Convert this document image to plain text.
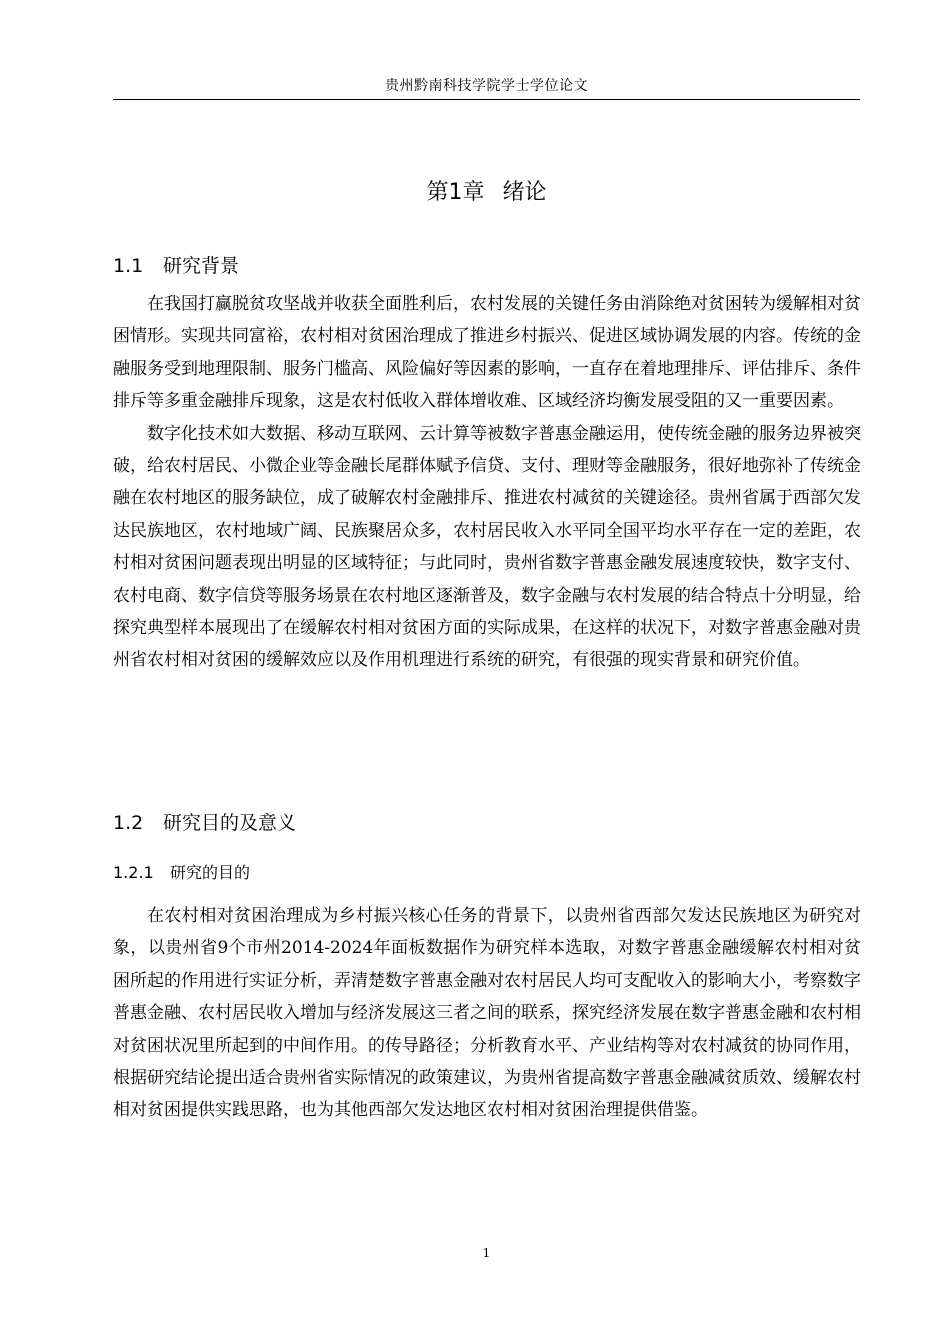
贵州黔南科技学院学士学位论文
第1章 绪论
1.1 研究背景

在我国打赢脱贫攻坚战并收获全面胜利后，农村发展的关键任务由消除绝对贫困转为缓解相对贫困情形。实现共同富裕，农村相对贫困治理成了推进乡村振兴、促进区域协调发展的内容。传统的金融服务受到地理限制、服务门槛高、风险偏好等因素的影响，一直存在着地理排斥、评估排斥、条件排斥等多重金融排斥现象，这是农村低收入群体增收难、区域经济均衡发展受阻的又一重要因素。

数字化技术如大数据、移动互联网、云计算等被数字普惠金融运用，使传统金融的服务边界被突破，给农村居民、小微企业等金融长尾群体赋予信贷、支付、理财等金融服务，很好地弥补了传统金融在农村地区的服务缺位，成了破解农村金融排斥、推进农村减贫的关键途径。贵州省属于西部欠发达民族地区，农村地域广阔、民族聚居众多，农村居民收入水平同全国平均水平存在一定的差距，农村相对贫困问题表现出明显的区域特征；与此同时，贵州省数字普惠金融发展速度较快，数字支付、农村电商、数字信贷等服务场景在农村地区逐渐普及，数字金融与农村发展的结合特点十分明显，给探究典型样本展现出了在缓解农村相对贫困方面的实际成果，在这样的状况下，对数字普惠金融对贵州省农村相对贫困的缓解效应以及作用机理进行系统的研究，有很强的现实背景和研究价值。

1.2 研究目的及意义
1.2.1 研究的目的

在农村相对贫困治理成为乡村振兴核心任务的背景下，以贵州省西部欠发达民族地区为研究对象，以贵州省9个市州2014-2024年面板数据作为研究样本选取，对数字普惠金融缓解农村相对贫困所起的作用进行实证分析，弄清楚数字普惠金融对农村居民人均可支配收入的影响大小，考察数字普惠金融、农村居民收入增加与经济发展这三者之间的联系，探究经济发展在数字普惠金融和农村相对贫困状况里所起到的中间作用。的传导路径；分析教育水平、产业结构等对农村减贫的协同作用，根据研究结论提出适合贵州省实际情况的政策建议，为贵州省提高数字普惠金融减贫质效、缓解农村相对贫困提供实践思路，也为其他西部欠发达地区农村相对贫困治理提供借鉴。

1
